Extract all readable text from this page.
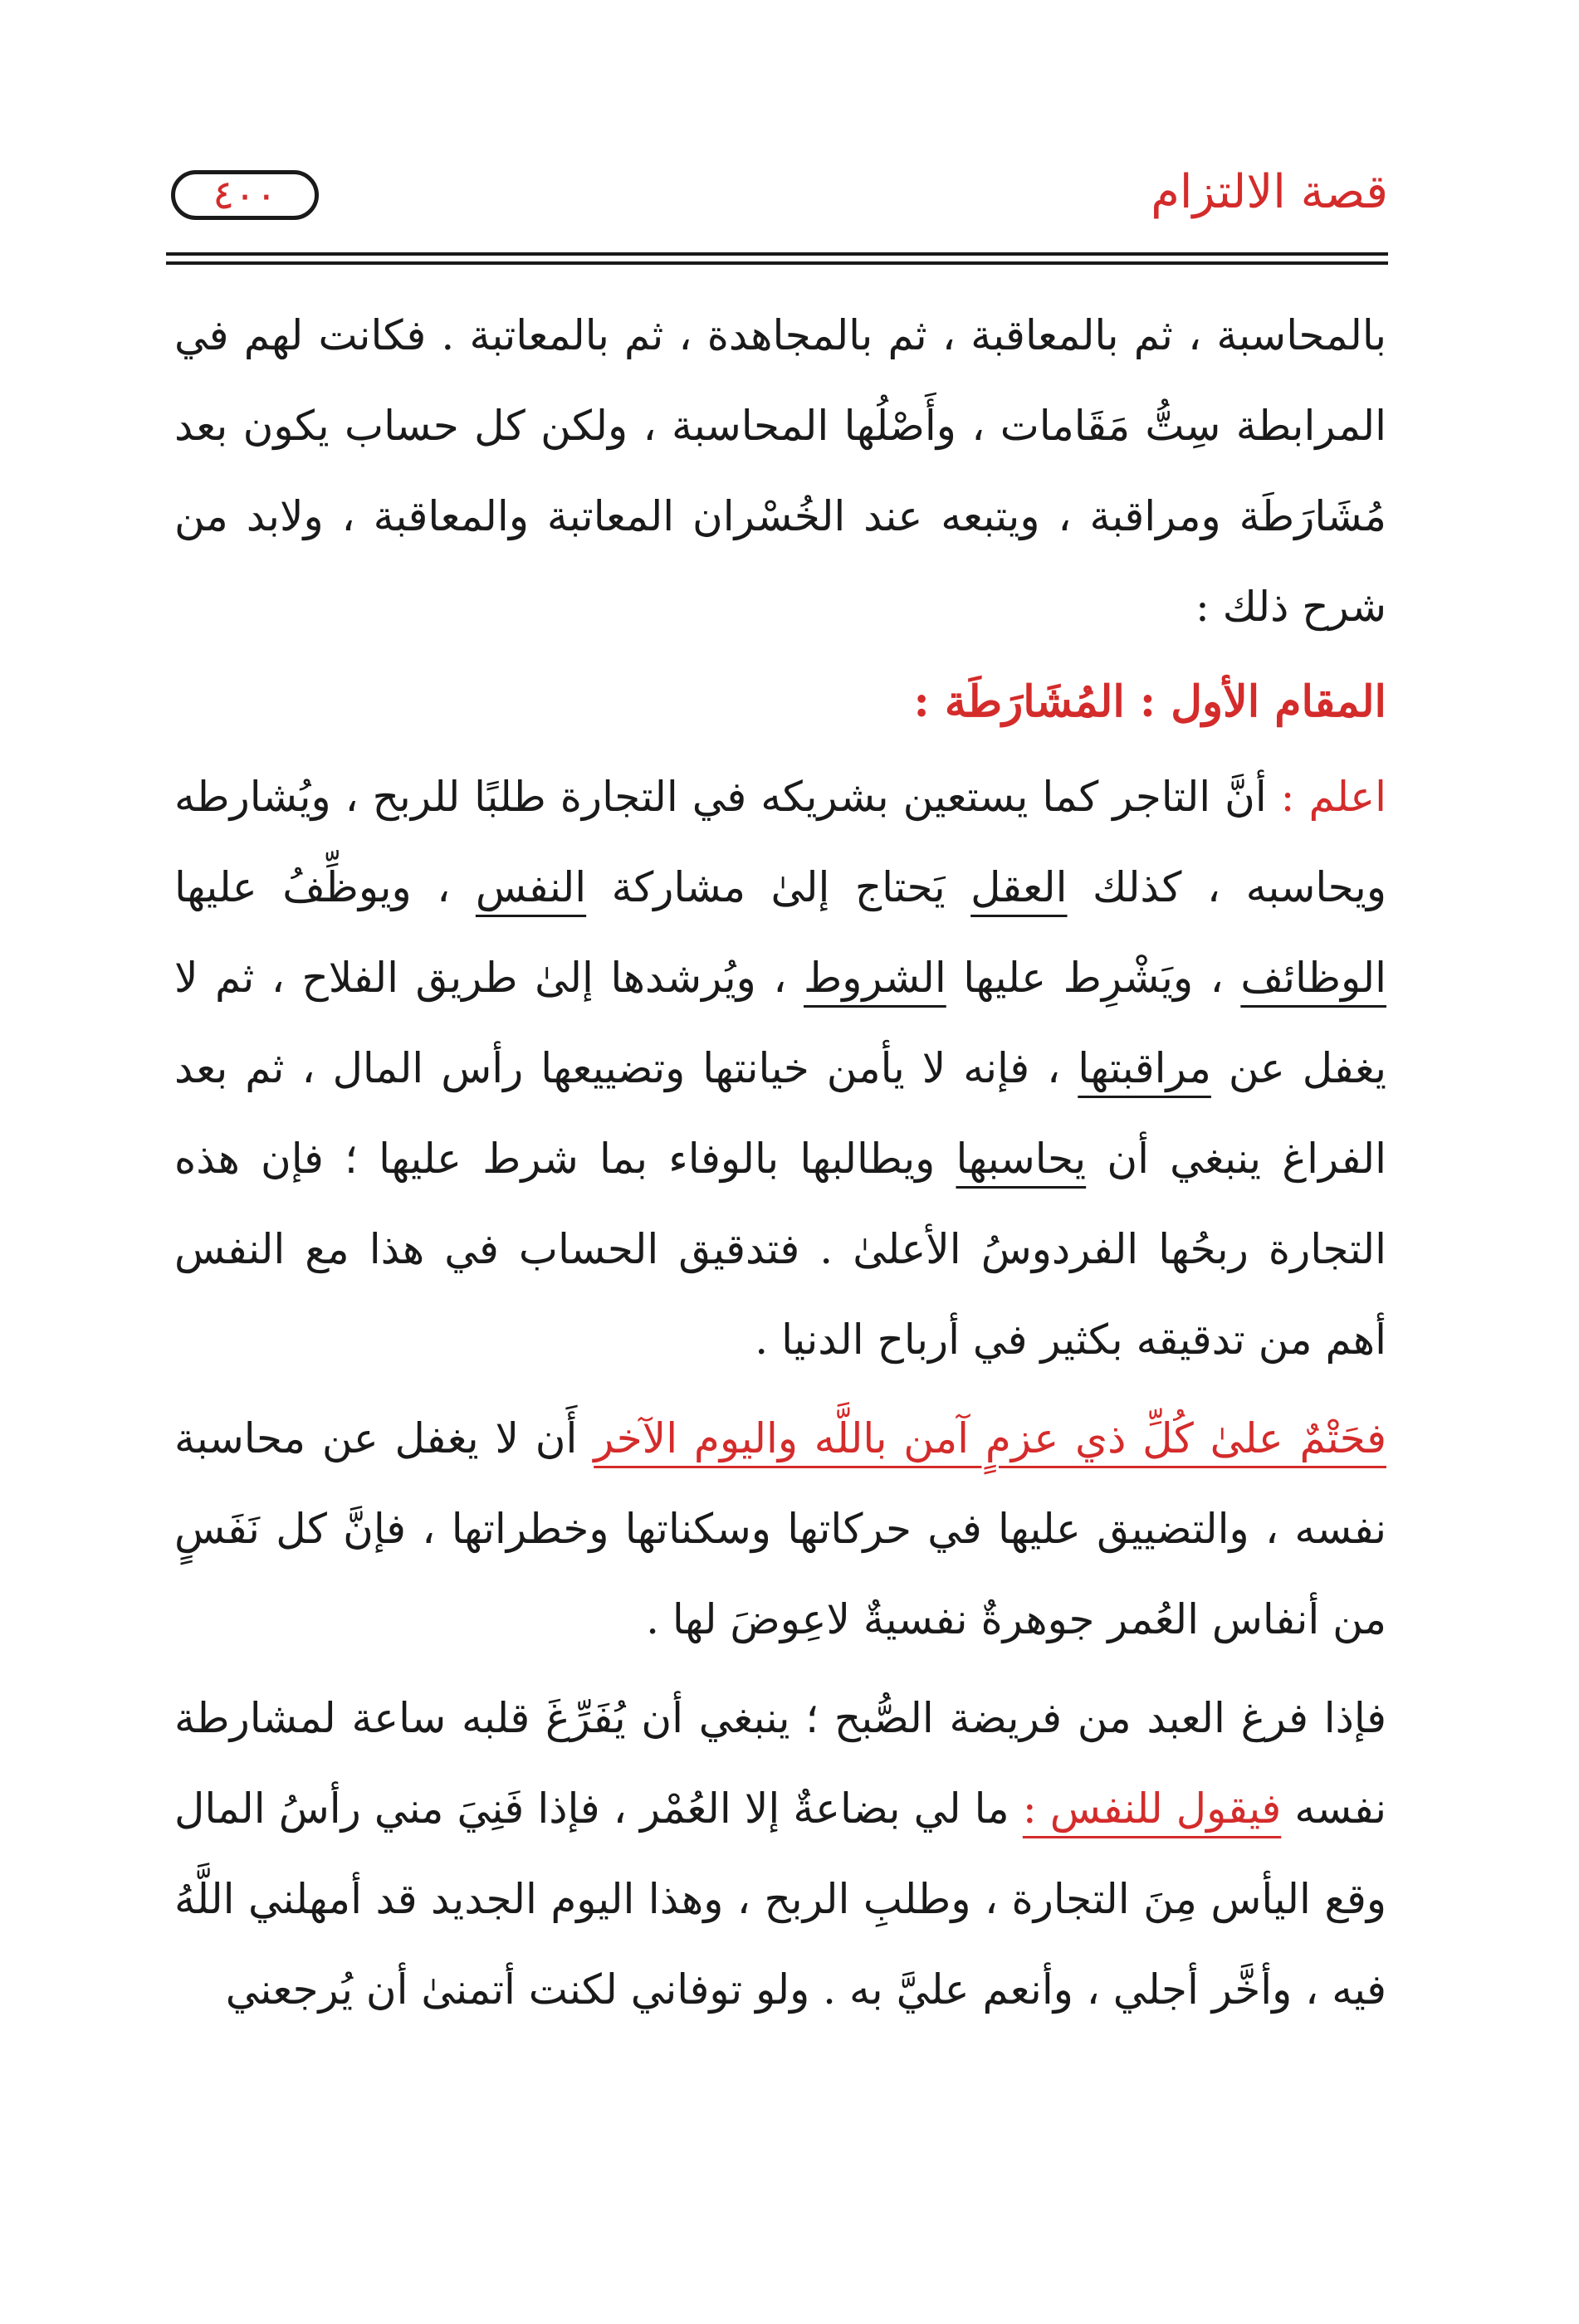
قصة الالتزام
٤٠٠

بالمحاسبة ، ثم بالمعاقبة ، ثم بالمجاهدة ، ثم بالمعاتبة . فكانت لهم في المرابطة سِتُّ مَقَامات ، وأَصْلُها المحاسبة ، ولكن كل حساب يكون بعد مُشَارَطَة ومراقبة ، ويتبعه عند الخُسْران المعاتبة والمعاقبة ، ولابد من شرح ذلك :

المقام الأول : المُشَارَطَة :

اعلم : أنَّ التاجر كما يستعين بشريكه في التجارة طلبًا للربح ، ويُشارطه ويحاسبه ، كذلك العقل يَحتاج إلىٰ مشاركة النفس ، ويوظِّفُ عليها الوظائف ، ويَشْرِط عليها الشروط ، ويُرشدها إلىٰ طريق الفلاح ، ثم لا يغفل عن مراقبتها ، فإنه لا يأمن خيانتها وتضييعها رأس المال ، ثم بعد الفراغ ينبغي أن يحاسبها ويطالبها بالوفاء بما شرط عليها ؛ فإن هذه التجارة ربحُها الفردوسُ الأعلىٰ . فتدقيق الحساب في هذا مع النفس أهم من تدقيقه بكثير في أرباح الدنيا .

فحَتْمٌ علىٰ كُلِّ ذي عزمٍ آمن باللَّه واليوم الآخر أَن لا يغفل عن محاسبة نفسه ، والتضييق عليها في حركاتها وسكناتها وخطراتها ، فإنَّ كل نَفَسٍ من أنفاس العُمر جوهرةٌ نفسيةٌ لاعِوضَ لها .

فإذا فرغ العبد من فريضة الصُّبح ؛ ينبغي أن يُفَرِّغَ قلبه ساعة لمشارطة نفسه فيقول للنفس : ما لي بضاعةٌ إلا العُمْر ، فإذا فَنِيَ مني رأسُ المال وقع اليأس مِنَ التجارة ، وطلبِ الربح ، وهذا اليوم الجديد قد أمهلني اللَّهُ فيه ، وأخَّر أجلي ، وأنعم عليَّ به . ولو توفاني لكنت أتمنىٰ أن يُرجعني
